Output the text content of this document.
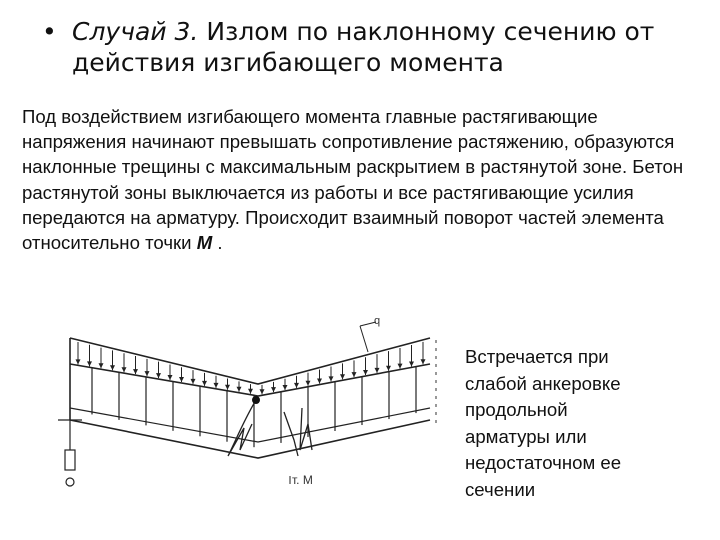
• Случай 3. Излом по наклонному сечению от
действия изгибающего момента
Под воздействием изгибающего момента главные растягивающие напряжения начинают превышать сопротивление растяжению, образуются наклонные трещины с максимальным раскрытием в растянутой зоне. Бетон растянутой зоны выключается из работы и все растягивающие усилия передаются на арматуру. Происходит взаимный поворот частей элемента относительно точки М .
q
т. М
Встречается при
слабой анкеровке
продольной
арматуры или
недостаточном ее
сечении
